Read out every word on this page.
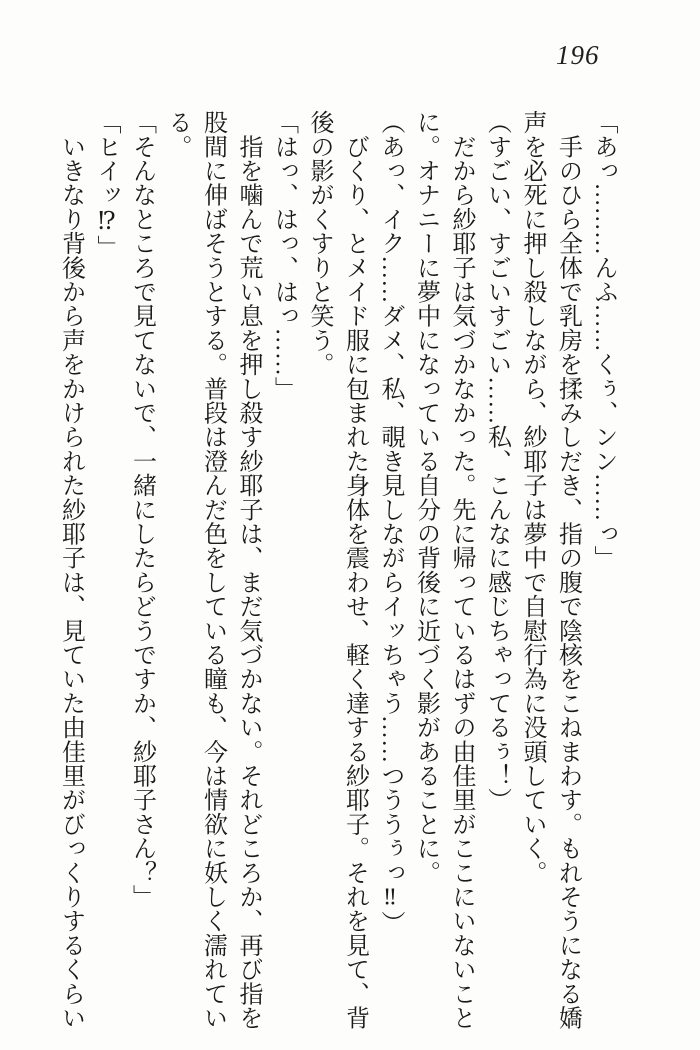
196
「あっ………んふ……くぅ、ンン……っ」
　手のひら全体で乳房を揉みしだき、指の腹で陰核をこねまわす。もれそうになる嬌
声を必死に押し殺しながら、紗耶子は夢中で自慰行為に没頭していく。
（すごい、すごいすごい……私、こんなに感じちゃってるぅ！）
　だから紗耶子は気づかなかった。先に帰っているはずの由佳里がここにいないこと
に。オナニーに夢中になっている自分の背後に近づく影があることに。
（あっ、イク……ダメ、私、覗き見しながらイッちゃう……つううぅっ‼）
　びくり、とメイド服に包まれた身体を震わせ、軽く達する紗耶子。それを見て、背
後の影がくすりと笑う。
「はっ、はっ、はっ……」
　指を噛んで荒い息を押し殺す紗耶子は、まだ気づかない。それどころか、再び指を
股間に伸ばそうとする。普段は澄んだ色をしている瞳も、今は情欲に妖しく濡れてい
る。
「そんなところで見てないで、一緒にしたらどうですか、紗耶子さん？」
「ヒイッ⁉」
　いきなり背後から声をかけられた紗耶子は、見ていた由佳里がびっくりするくらい
